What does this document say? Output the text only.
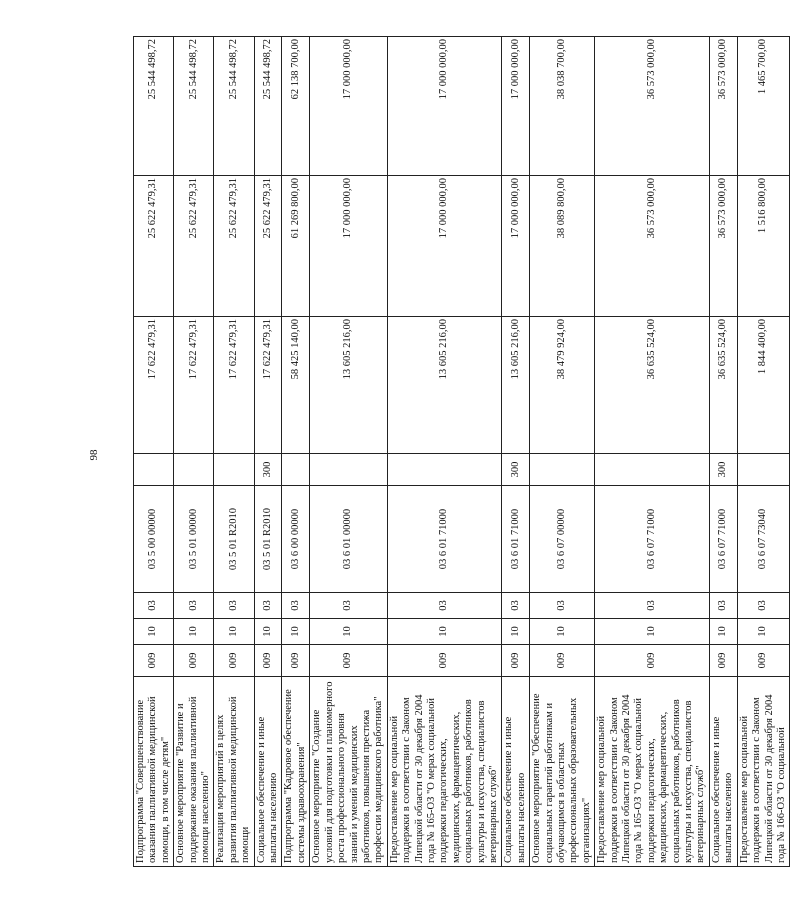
98
Подпрограмма "Совершенствование оказания паллиативной медицинской помощи, в том числе детям"	009	10	03	03 5 00 00000		17 622 479,31	25 622 479,31	25 544 498,72
Основное мероприятие "Развитие и поддержание оказания паллиативной помощи населению"	009	10	03	03 5 01 00000		17 622 479,31	25 622 479,31	25 544 498,72
Реализация мероприятий в целях развития паллиативной медицинской помощи	009	10	03	03 5 01 R2010		17 622 479,31	25 622 479,31	25 544 498,72
Социальное обеспечение и иные выплаты населению	009	10	03	03 5 01 R2010	300	17 622 479,31	25 622 479,31	25 544 498,72
Подпрограмма "Кадровое обеспечение системы здравоохранения"	009	10	03	03 6 00 00000		58 425 140,00	61 269 800,00	62 138 700,00
Основное мероприятие "Создание условий для подготовки и планомерного роста профессионального уровня знаний и умений медицинских работников, повышения престижа профессии медицинского работника"	009	10	03	03 6 01 00000		13 605 216,00	17 000 000,00	17 000 000,00
Предоставление мер социальной поддержки в соответствии с Законом Липецкой области от 30 декабря 2004 года № 165-ОЗ "О мерах социальной поддержки педагогических, медицинских, фармацевтических, социальных работников, работников культуры и искусства, специалистов ветеринарных служб"	009	10	03	03 6 01 71000		13 605 216,00	17 000 000,00	17 000 000,00
Социальное обеспечение и иные выплаты населению	009	10	03	03 6 01 71000	300	13 605 216,00	17 000 000,00	17 000 000,00
Основное мероприятие "Обеспечение социальных гарантий работникам и обучающимся в областных профессиональных образовательных организациях"	009	10	03	03 6 07 00000		38 479 924,00	38 089 800,00	38 038 700,00
Предоставление мер социальной поддержки в соответствии с Законом Липецкой области от 30 декабря 2004 года № 165-ОЗ "О мерах социальной поддержки педагогических, медицинских, фармацевтических, социальных работников, работников культуры и искусства, специалистов ветеринарных служб"	009	10	03	03 6 07 71000		36 635 524,00	36 573 000,00	36 573 000,00
Социальное обеспечение и иные выплаты населению	009	10	03	03 6 07 71000	300	36 635 524,00	36 573 000,00	36 573 000,00
Предоставление мер социальной поддержки в соответствии с Законом Липецкой области от 30 декабря 2004 года № 166-ОЗ "О социальной	009	10	03	03 6 07 73040		1 844 400,00	1 516 800,00	1 465 700,00
